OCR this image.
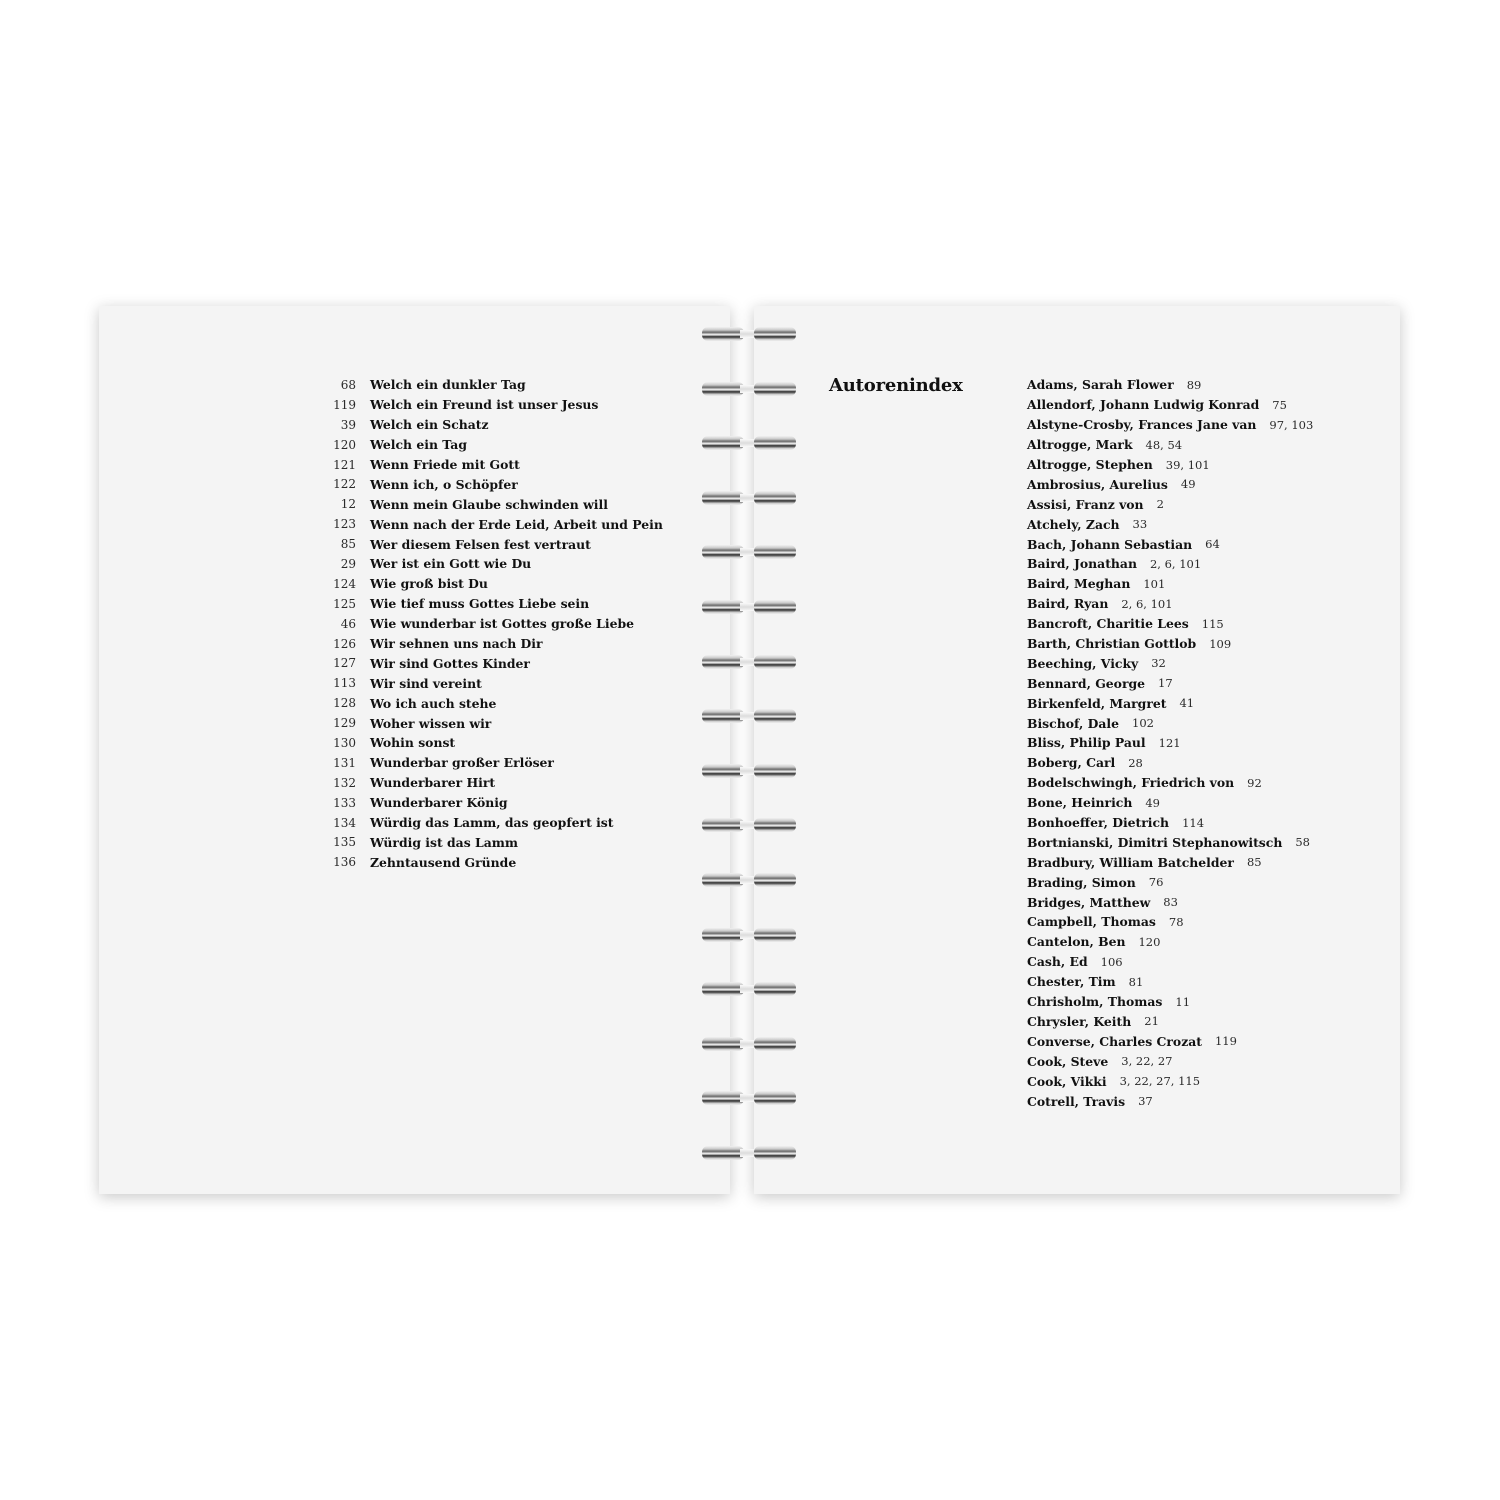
68 Welch ein dunkler Tag
119 Welch ein Freund ist unser Jesus
39 Welch ein Schatz
120 Welch ein Tag
121 Wenn Friede mit Gott
122 Wenn ich, o Schöpfer
12 Wenn mein Glaube schwinden will
123 Wenn nach der Erde Leid, Arbeit und Pein
85 Wer diesem Felsen fest vertraut
29 Wer ist ein Gott wie Du
124 Wie groß bist Du
125 Wie tief muss Gottes Liebe sein
46 Wie wunderbar ist Gottes große Liebe
126 Wir sehnen uns nach Dir
127 Wir sind Gottes Kinder
113 Wir sind vereint
128 Wo ich auch stehe
129 Woher wissen wir
130 Wohin sonst
131 Wunderbar großer Erlöser
132 Wunderbarer Hirt
133 Wunderbarer König
134 Würdig das Lamm, das geopfert ist
135 Würdig ist das Lamm
136 Zehntausend Gründe
Autorenindex	Adams, Sarah Flower 89
Allendorf, Johann Ludwig Konrad 75
Alstyne-Crosby, Frances Jane van 97, 103
Altrogge, Mark 48, 54
Altrogge, Stephen 39, 101
Ambrosius, Aurelius 49
Assisi, Franz von 2
Atchely, Zach 33
Bach, Johann Sebastian 64
Baird, Jonathan 2, 6, 101
Baird, Meghan 101
Baird, Ryan 2, 6, 101
Bancroft, Charitie Lees 115
Barth, Christian Gottlob 109
Beeching, Vicky 32
Bennard, George 17
Birkenfeld, Margret 41
Bischof, Dale 102
Bliss, Philip Paul 121
Boberg, Carl 28
Bodelschwingh, Friedrich von 92
Bone, Heinrich 49
Bonhoeffer, Dietrich 114
Bortnianski, Dimitri Stephanowitsch 58
Bradbury, William Batchelder 85
Brading, Simon 76
Bridges, Matthew 83
Campbell, Thomas 78
Cantelon, Ben 120
Cash, Ed 106
Chester, Tim 81
Chrisholm, Thomas 11
Chrysler, Keith 21
Converse, Charles Crozat 119
Cook, Steve 3, 22, 27
Cook, Vikki 3, 22, 27, 115
Cotrell, Travis 37
